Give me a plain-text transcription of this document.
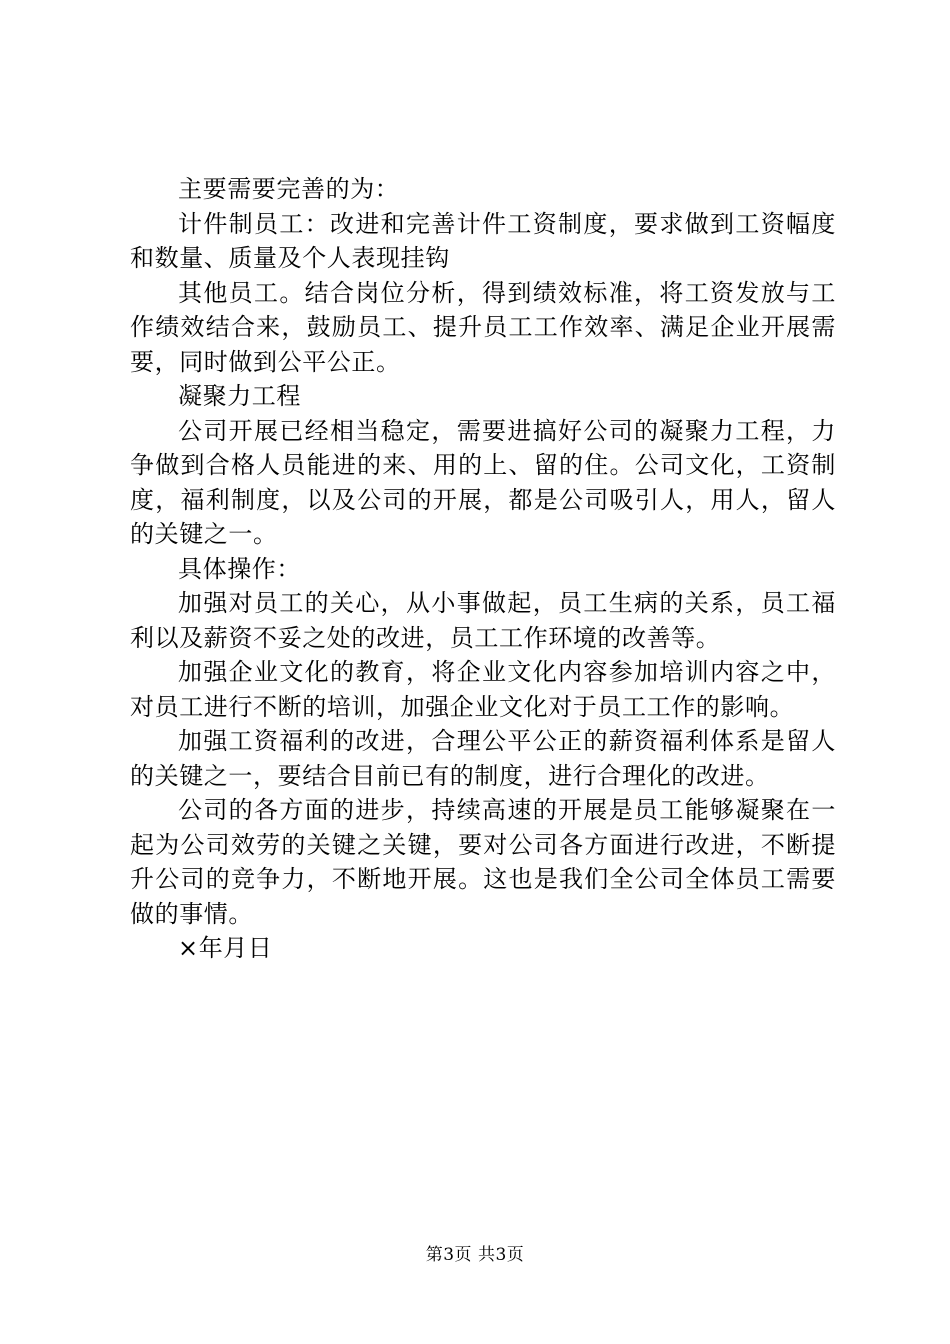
主要需要完善的为：

计件制员工：改进和完善计件工资制度，要求做到工资幅度和数量、质量及个人表现挂钩

其他员工。结合岗位分析，得到绩效标准，将工资发放与工作绩效结合来，鼓励员工、提升员工工作效率、满足企业开展需要，同时做到公平公正。

凝聚力工程

公司开展已经相当稳定，需要进搞好公司的凝聚力工程，力争做到合格人员能进的来、用的上、留的住。公司文化，工资制度，福利制度，以及公司的开展，都是公司吸引人，用人，留人的关键之一。

具体操作：

加强对员工的关心，从小事做起，员工生病的关系，员工福利以及薪资不妥之处的改进，员工工作环境的改善等。

加强企业文化的教育，将企业文化内容参加培训内容之中，对员工进行不断的培训，加强企业文化对于员工工作的影响。

加强工资福利的改进，合理公平公正的薪资福利体系是留人的关键之一，要结合目前已有的制度，进行合理化的改进。

公司的各方面的进步，持续高速的开展是员工能够凝聚在一起为公司效劳的关键之关键，要对公司各方面进行改进，不断提升公司的竞争力，不断地开展。这也是我们全公司全体员工需要做的事情。

×年月日

第3页 共3页
